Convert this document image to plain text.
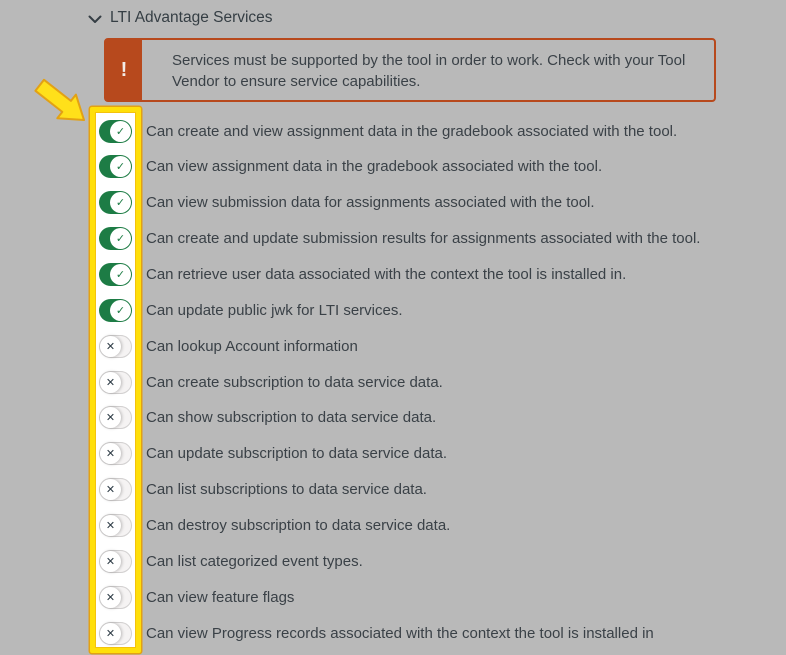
LTI Advantage Services
!	Services must be supported by the tool in order to work. Check with your Tool
Vendor to ensure service capabilities.
✓	Can create and view assignment data in the gradebook associated with the tool.
✓	Can view assignment data in the gradebook associated with the tool.
✓	Can view submission data for assignments associated with the tool.
✓	Can create and update submission results for assignments associated with the tool.
✓	Can retrieve user data associated with the context the tool is installed in.
✓	Can update public jwk for LTI services.
✕	Can lookup Account information
✕	Can create subscription to data service data.
✕	Can show subscription to data service data.
✕	Can update subscription to data service data.
✕	Can list subscriptions to data service data.
✕	Can destroy subscription to data service data.
✕	Can list categorized event types.
✕	Can view feature flags
✕	Can view Progress records associated with the context the tool is installed in
